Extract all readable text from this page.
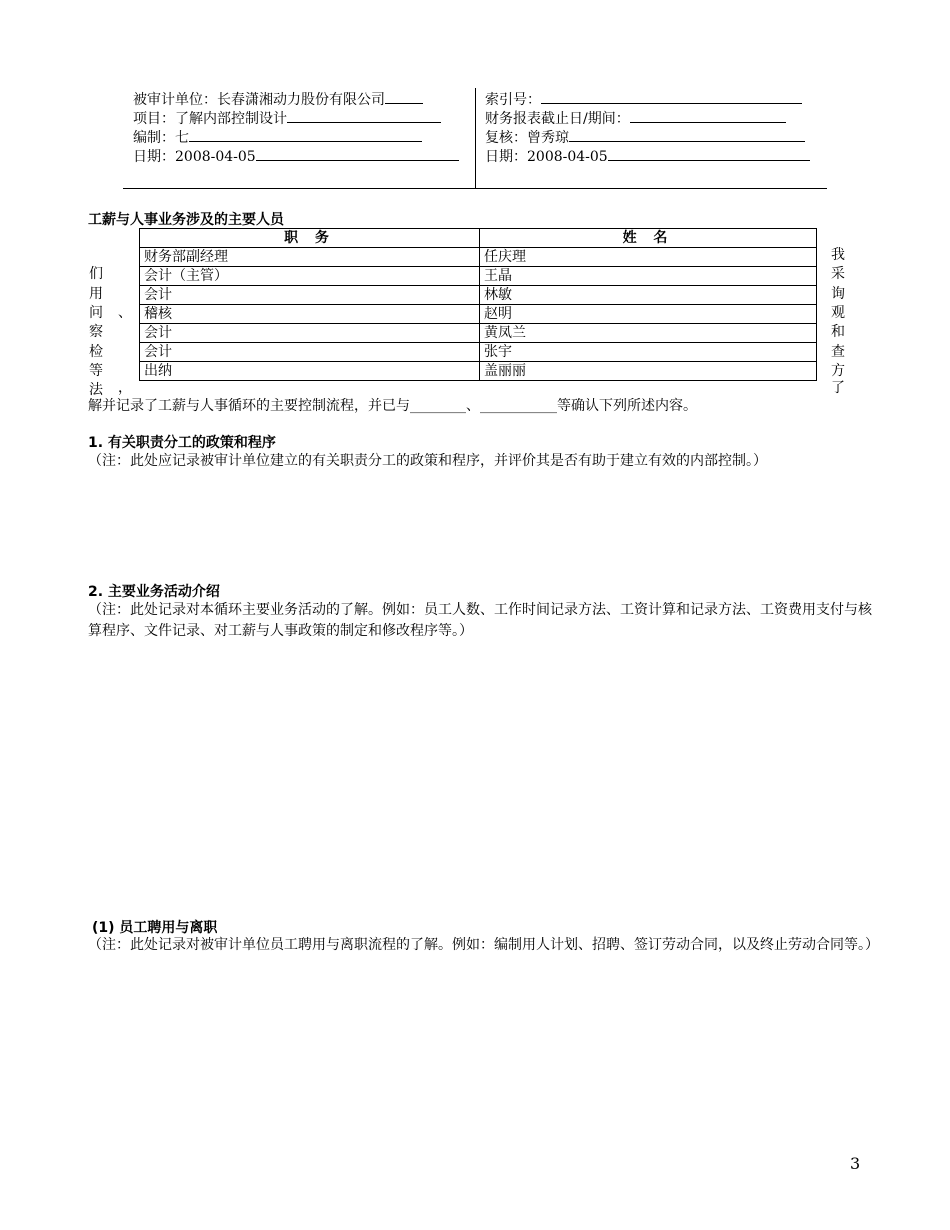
被审计单位：长春潇湘动力股份有限公司
项目：了解内部控制设计
编制：七
日期：2008-04-05
索引号：
财务报表截止日/期间：
复核：曾秀琼
日期：2008-04-05
工薪与人事业务涉及的主要人员
职 务	姓 名
财务部副经理	任庆理
会计（主管）	王晶
会计	林敏
稽核	赵明
会计	黄凤兰
会计	张宇
出纳	盖丽丽
们
用
问
察
检
等
法
、
，
我
采
询
观
和
查
方
了
解并记录了工薪与人事循环的主要控制流程，并已与________、___________等确认下列所述内容。
1. 有关职责分工的政策和程序
（注：此处应记录被审计单位建立的有关职责分工的政策和程序，并评价其是否有助于建立有效的内部控制。）
2. 主要业务活动介绍
（注：此处记录对本循环主要业务活动的了解。例如：员工人数、工作时间记录方法、工资计算和记录方法、工资费用支付与核算程序、文件记录、对工薪与人事政策的制定和修改程序等。）
(1) 员工聘用与离职
（注：此处记录对被审计单位员工聘用与离职流程的了解。例如：编制用人计划、招聘、签订劳动合同，以及终止劳动合同等。）
3
